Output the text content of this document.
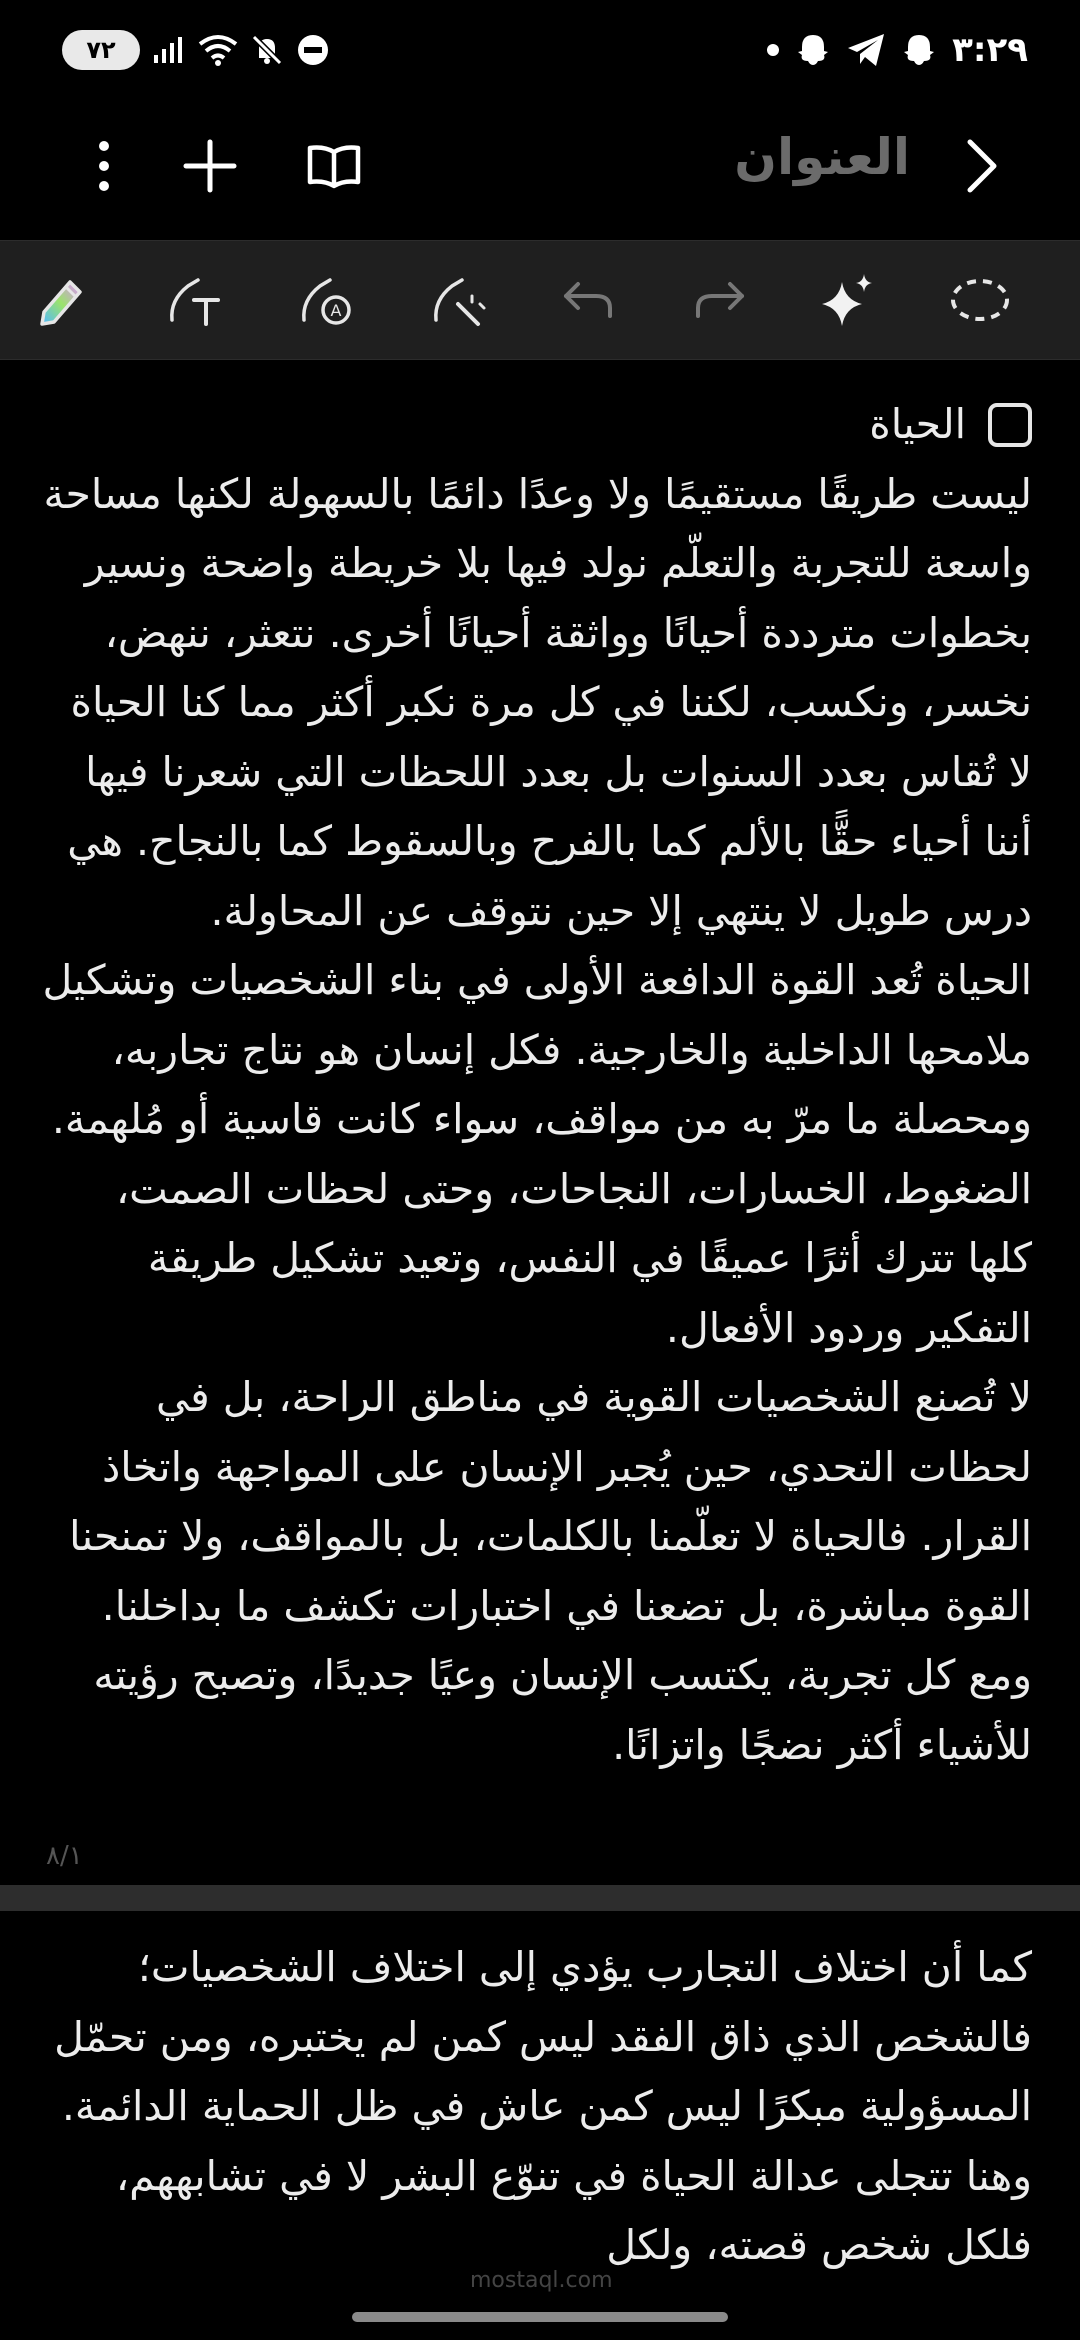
٧٢	٣:٢٩
العنوان
A
الحياة

ليست طريقًا مستقيمًا ولا وعدًا دائمًا بالسهولة لكنها مساحة واسعة للتجربة والتعلّم نولد فيها بلا خريطة واضحة ونسير بخطوات مترددة أحيانًا وواثقة أحيانًا أخرى. نتعثر، ننهض، نخسر، ونكسب، لكننا في كل مرة نكبر أكثر مما كنا الحياة لا تُقاس بعدد السنوات بل بعدد اللحظات التي شعرنا فيها أننا أحياء حقًّا بالألم كما بالفرح وبالسقوط كما بالنجاح. هي درس طويل لا ينتهي إلا حين نتوقف عن المحاولة.

الحياة تُعد القوة الدافعة الأولى في بناء الشخصيات وتشكيل ملامحها الداخلية والخارجية. فكل إنسان هو نتاج تجاربه، ومحصلة ما مرّ به من مواقف، سواء كانت قاسية أو مُلهمة. الضغوط، الخسارات، النجاحات، وحتى لحظات الصمت، كلها تترك أثرًا عميقًا في النفس، وتعيد تشكيل طريقة التفكير وردود الأفعال.

لا تُصنع الشخصيات القوية في مناطق الراحة، بل في لحظات التحدي، حين يُجبر الإنسان على المواجهة واتخاذ القرار. فالحياة لا تعلّمنا بالكلمات، بل بالمواقف، ولا تمنحنا القوة مباشرة، بل تضعنا في اختبارات تكشف ما بداخلنا. ومع كل تجربة، يكتسب الإنسان وعيًا جديدًا، وتصبح رؤيته للأشياء أكثر نضجًا واتزانًا.

٨/١

كما أن اختلاف التجارب يؤدي إلى اختلاف الشخصيات؛ فالشخص الذي ذاق الفقد ليس كمن لم يختبره، ومن تحمّل المسؤولية مبكرًا ليس كمن عاش في ظل الحماية الدائمة. وهنا تتجلى عدالة الحياة في تنوّع البشر لا في تشابههم، فلكل شخص قصته، ولكل

mostaql.com
